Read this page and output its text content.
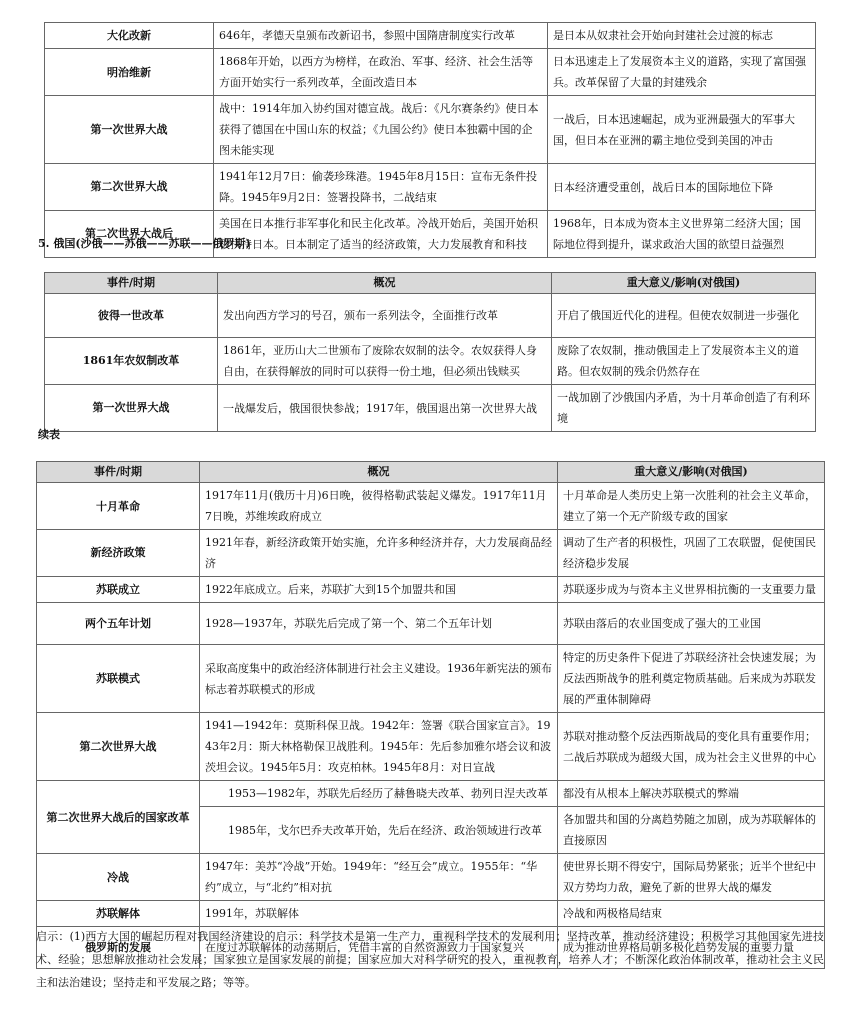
大化改新	646年，孝德天皇颁布改新诏书，参照中国隋唐制度实行改革	是日本从奴隶社会开始向封建社会过渡的标志
明治维新	1868年开始，以西方为榜样，在政治、军事、经济、社会生活等方面开始实行一系列改革，全面改造日本	日本迅速走上了发展资本主义的道路，实现了富国强兵。改革保留了大量的封建残余
第一次世界大战	战中：1914年加入协约国对德宣战。战后：《凡尔赛条约》使日本获得了德国在中国山东的权益；《九国公约》使日本独霸中国的企图未能实现	一战后，日本迅速崛起，成为亚洲最强大的军事大国，但日本在亚洲的霸主地位受到美国的冲击
第二次世界大战	1941年12月7日：偷袭珍珠港。1945年8月15日：宣布无条件投降。1945年9月2日：签署投降书，二战结束	日本经济遭受重创，战后日本的国际地位下降
第二次世界大战后	美国在日本推行非军事化和民主化改革。冷战开始后，美国开始积极扶持日本。日本制定了适当的经济政策，大力发展教育和科技	1968年，日本成为资本主义世界第二经济大国；国际地位得到提升，谋求政治大国的欲望日益强烈
5. 俄国(沙俄——苏俄——苏联——俄罗斯)
事件/时期	概况	重大意义/影响(对俄国)
彼得一世改革	发出向西方学习的号召，颁布一系列法令，全面推行改革	开启了俄国近代化的进程。但使农奴制进一步强化
1861年农奴制改革	1861年，亚历山大二世颁布了废除农奴制的法令。农奴获得人身自由，在获得解放的同时可以获得一份土地，但必须出钱赎买	废除了农奴制，推动俄国走上了发展资本主义的道路。但农奴制的残余仍然存在
第一次世界大战	一战爆发后，俄国很快参战；1917年，俄国退出第一次世界大战	一战加剧了沙俄国内矛盾，为十月革命创造了有利环境
续表
事件/时期	概况	重大意义/影响(对俄国)
十月革命	1917年11月(俄历十月)6日晚，彼得格勒武装起义爆发。1917年11月7日晚，苏维埃政府成立	十月革命是人类历史上第一次胜利的社会主义革命，建立了第一个无产阶级专政的国家
新经济政策	1921年春，新经济政策开始实施，允许多种经济并存，大力发展商品经济	调动了生产者的积极性，巩固了工农联盟，促使国民经济稳步发展
苏联成立	1922年底成立。后来，苏联扩大到15个加盟共和国	苏联逐步成为与资本主义世界相抗衡的一支重要力量
两个五年计划	1928—1937年，苏联先后完成了第一个、第二个五年计划	苏联由落后的农业国变成了强大的工业国
苏联模式	采取高度集中的政治经济体制进行社会主义建设。1936年新宪法的颁布标志着苏联模式的形成	特定的历史条件下促进了苏联经济社会快速发展；为反法西斯战争的胜利奠定物质基础。后来成为苏联发展的严重体制障碍
第二次世界大战	1941—1942年：莫斯科保卫战。1942年：签署《联合国家宣言》。1943年2月：斯大林格勒保卫战胜利。1945年：先后参加雅尔塔会议和波茨坦会议。1945年5月：攻克柏林。1945年8月：对日宣战	苏联对推动整个反法西斯战局的变化具有重要作用；二战后苏联成为超级大国，成为社会主义世界的中心
第二次世界大战后的国家改革	1953—1982年，苏联先后经历了赫鲁晓夫改革、勃列日涅夫改革	都没有从根本上解决苏联模式的弊端
	1985年，戈尔巴乔夫改革开始，先后在经济、政治领域进行改革	各加盟共和国的分离趋势随之加剧，成为苏联解体的直接原因
冷战	1947年：美苏“冷战”开始。1949年：“经互会”成立。1955年：“华约”成立，与“北约”相对抗	使世界长期不得安宁，国际局势紧张；近半个世纪中双方势均力敌，避免了新的世界大战的爆发
苏联解体	1991年，苏联解体	冷战和两极格局结束
俄罗斯的发展	在度过苏联解体的动荡期后，凭借丰富的自然资源致力于国家复兴	成为推动世界格局朝多极化趋势发展的重要力量
启示：(1)西方大国的崛起历程对我国经济建设的启示：科学技术是第一生产力，重视科学技术的发展利用；坚持改革，推动经济建设；积极学习其他国家先进技术、经验；思想解放推动社会发展；国家独立是国家发展的前提；国家应加大对科学研究的投入，重视教育，培养人才；不断深化政治体制改革，推动社会主义民主和法治建设；坚持走和平发展之路；等等。
